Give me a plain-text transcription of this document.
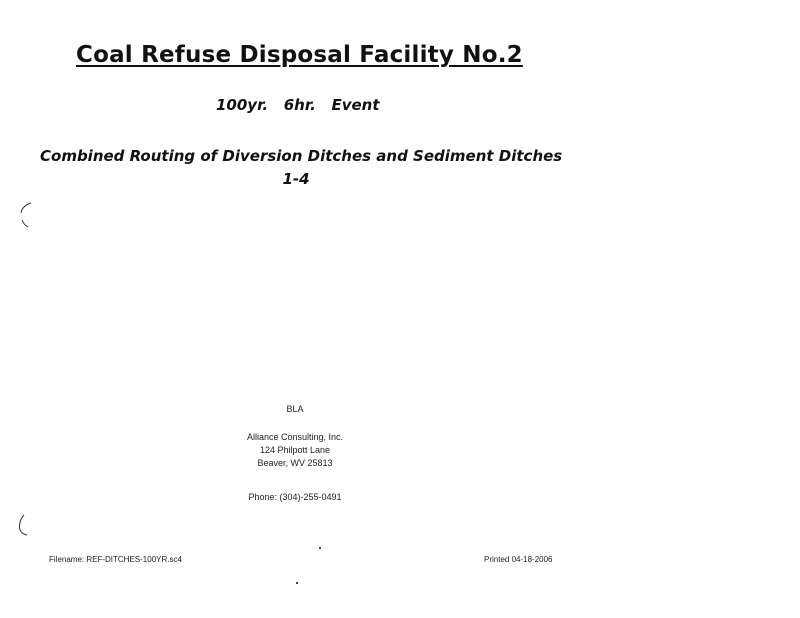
Coal Refuse Disposal Facility No.2
100yr.   6hr.   Event
Combined Routing of Diversion Ditches and Sediment Ditches
1-4
BLA
Alliance Consulting, Inc.
124 Philpott Lane
Beaver, WV 25813
Phone: (304)-255-0491
Filename: REF-DITCHES-100YR.sc4	Printed 04-18-2006
